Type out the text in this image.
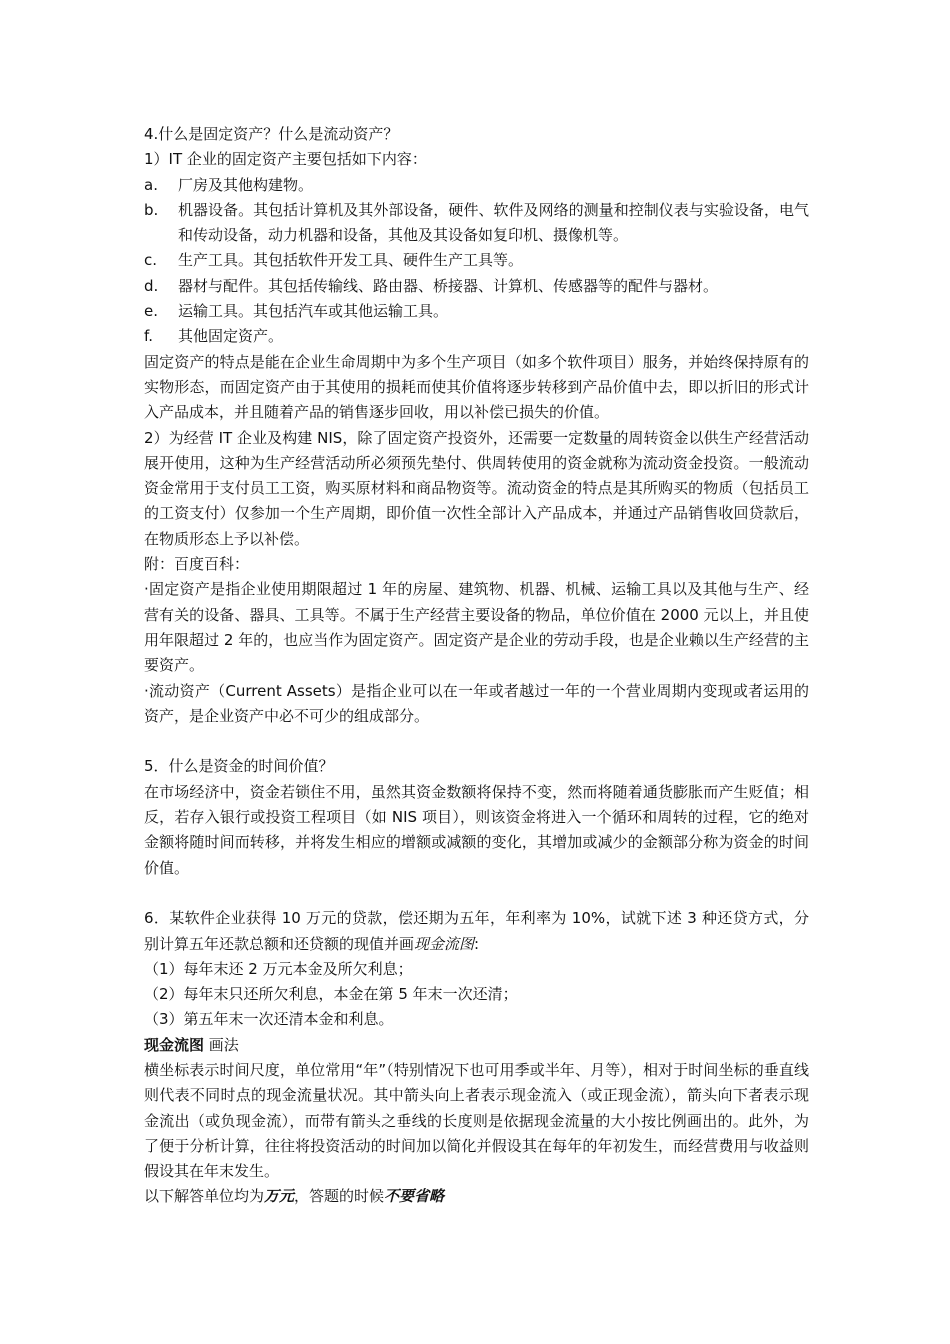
4.什么是固定资产？什么是流动资产？

1）IT 企业的固定资产主要包括如下内容：

a. 厂房及其他构建物。
b. 机器设备。其包括计算机及其外部设备，硬件、软件及网络的测量和控制仪表与实验设备，电气和传动设备，动力机器和设备，其他及其设备如复印机、摄像机等。
c. 生产工具。其包括软件开发工具、硬件生产工具等。
d. 器材与配件。其包括传输线、路由器、桥接器、计算机、传感器等的配件与器材。
e. 运输工具。其包括汽车或其他运输工具。
f. 其他固定资产。

固定资产的特点是能在企业生命周期中为多个生产项目（如多个软件项目）服务，并始终保持原有的实物形态，而固定资产由于其使用的损耗而使其价值将逐步转移到产品价值中去，即以折旧的形式计入产品成本，并且随着产品的销售逐步回收，用以补偿已损失的价值。

2）为经营 IT 企业及构建 NIS，除了固定资产投资外，还需要一定数量的周转资金以供生产经营活动展开使用，这种为生产经营活动所必须预先垫付、供周转使用的资金就称为流动资金投资。一般流动资金常用于支付员工工资，购买原材料和商品物资等。流动资金的特点是其所购买的物质（包括员工的工资支付）仅参加一个生产周期，即价值一次性全部计入产品成本，并通过产品销售收回贷款后，在物质形态上予以补偿。

附：百度百科：

·固定资产是指企业使用期限超过 1 年的房屋、建筑物、机器、机械、运输工具以及其他与生产、经营有关的设备、器具、工具等。不属于生产经营主要设备的物品，单位价值在 2000 元以上，并且使用年限超过 2 年的，也应当作为固定资产。固定资产是企业的劳动手段，也是企业赖以生产经营的主要资产。

·流动资产（Current Assets）是指企业可以在一年或者越过一年的一个营业周期内变现或者运用的资产，是企业资产中必不可少的组成部分。

5．什么是资金的时间价值？

在市场经济中，资金若锁住不用，虽然其资金数额将保持不变，然而将随着通货膨胀而产生贬值；相反，若存入银行或投资工程项目（如 NIS 项目），则该资金将进入一个循环和周转的过程，它的绝对金额将随时间而转移，并将发生相应的增额或减额的变化，其增加或减少的金额部分称为资金的时间价值。

6．某软件企业获得 10 万元的贷款，偿还期为五年，年利率为 10%，试就下述 3 种还贷方式，分别计算五年还款总额和还贷额的现值并画现金流图:

（1）每年末还 2 万元本金及所欠利息；

（2）每年末只还所欠利息，本金在第 5 年末一次还清；

（3）第五年末一次还清本金和利息。

现金流图 画法

横坐标表示时间尺度，单位常用“年”（特别情况下也可用季或半年、月等），相对于时间坐标的垂直线则代表不同时点的现金流量状况。其中箭头向上者表示现金流入（或正现金流），箭头向下者表示现金流出（或负现金流），而带有箭头之垂线的长度则是依据现金流量的大小按比例画出的。此外，为了便于分析计算，往往将投资活动的时间加以简化并假设其在每年的年初发生，而经营费用与收益则假设其在年末发生。

以下解答单位均为万元，答题的时候不要省略
